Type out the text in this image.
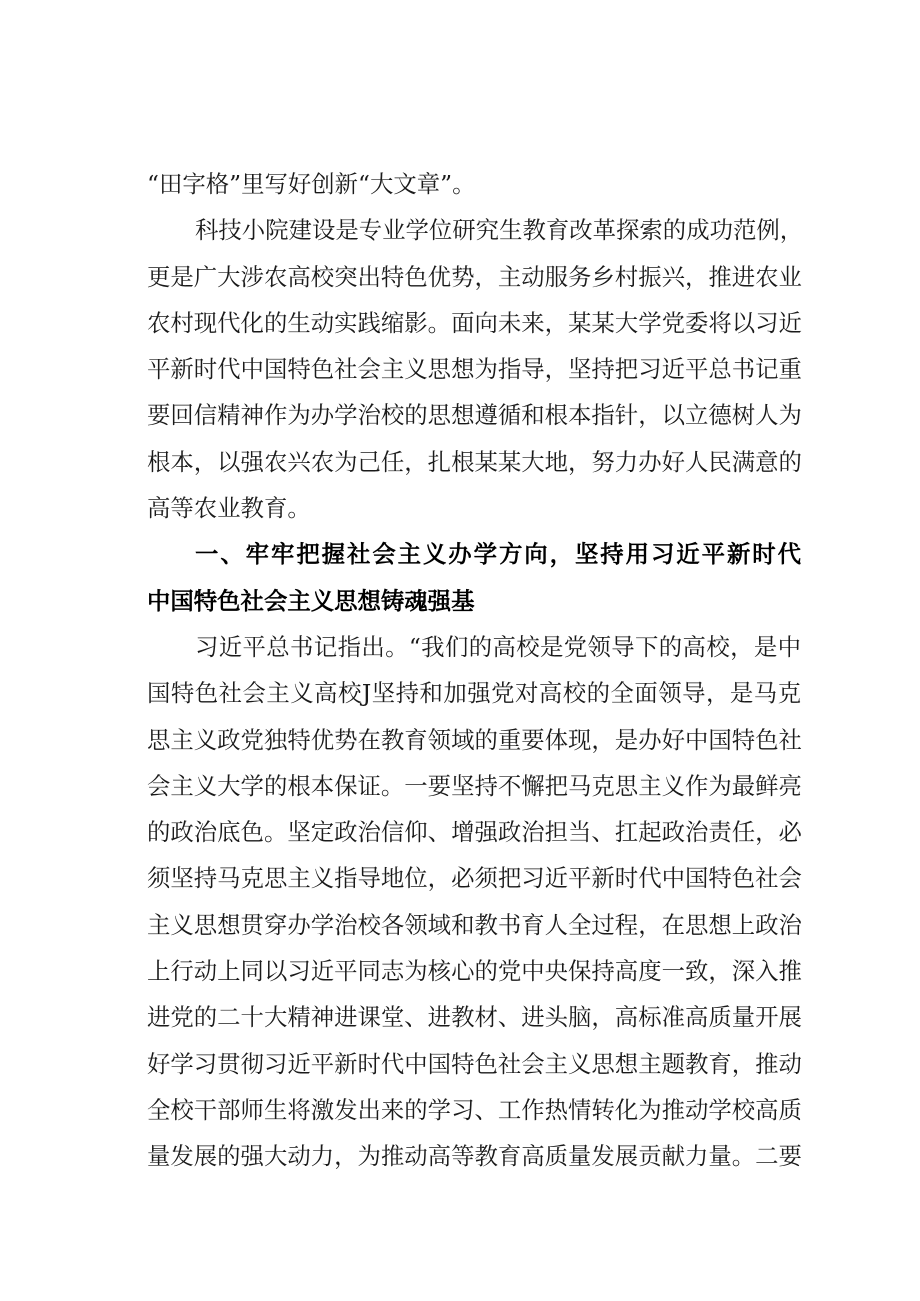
“田字格”里写好创新“大文章”。
科技小院建设是专业学位研究生教育改革探索的成功范例，
更是广大涉农高校突出特色优势，主动服务乡村振兴，推进农业
农村现代化的生动实践缩影。面向未来，某某大学党委将以习近
平新时代中国特色社会主义思想为指导，坚持把习近平总书记重
要回信精神作为办学治校的思想遵循和根本指针，以立德树人为
根本，以强农兴农为己任，扎根某某大地，努力办好人民满意的
高等农业教育。
一、牢牢把握社会主义办学方向，坚持用习近平新时代
中国特色社会主义思想铸魂强基
习近平总书记指出。“我们的高校是党领导下的高校，是中
国特色社会主义高校J坚持和加强党对高校的全面领导，是马克
思主义政党独特优势在教育领域的重要体现，是办好中国特色社
会主义大学的根本保证。一要坚持不懈把马克思主义作为最鲜亮
的政治底色。坚定政治信仰、增强政治担当、扛起政治责任，必
须坚持马克思主义指导地位，必须把习近平新时代中国特色社会
主义思想贯穿办学治校各领域和教书育人全过程，在思想上政治
上行动上同以习近平同志为核心的党中央保持高度一致，深入推
进党的二十大精神进课堂、进教材、进头脑，高标准高质量开展
好学习贯彻习近平新时代中国特色社会主义思想主题教育，推动
全校干部师生将激发出来的学习、工作热情转化为推动学校高质
量发展的强大动力，为推动高等教育高质量发展贡献力量。二要
